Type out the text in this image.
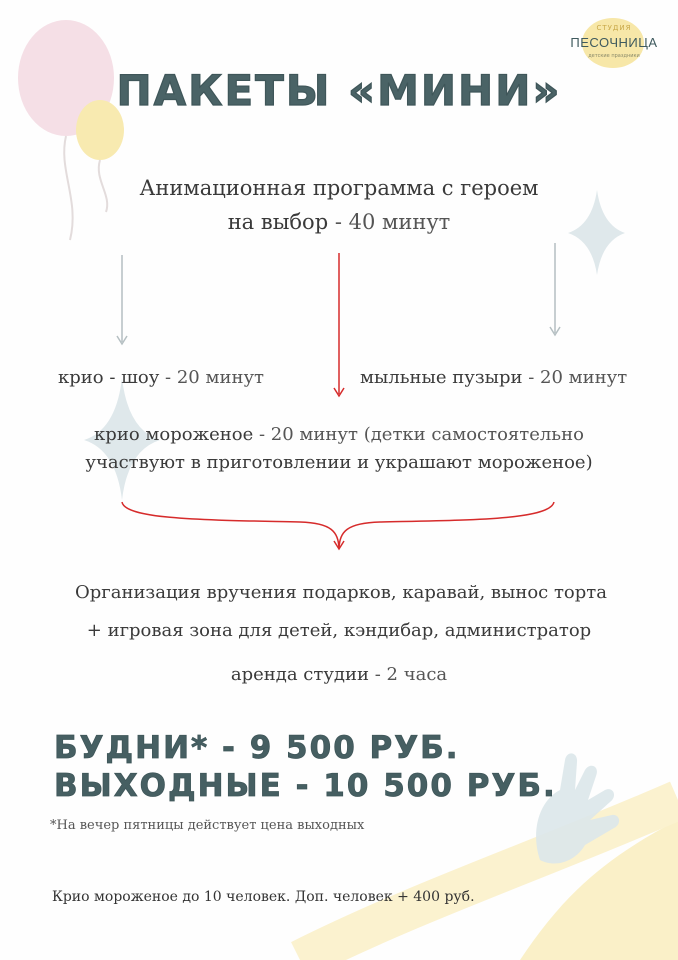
СТУДИЯ
ПЕСОЧНИЦА
детские праздники
ПАКЕТЫ «МИНИ»
Анимационная программа с героем
на выбор - 40 минут
крио - шоу - 20 минут	мыльные пузыри - 20 минут
крио мороженое - 20 минут (детки самостоятельно
участвуют в приготовлении и украшают мороженое)
Организация вручения подарков, каравай, вынос торта
+ игровая зона для детей, кэндибар, администратор
аренда студии - 2 часа
БУДНИ* - 9 500 РУБ.
ВЫХОДНЫЕ - 10 500 РУБ.
*На вечер пятницы действует цена выходных
Крио мороженое до 10 человек. Доп. человек + 400 руб.
